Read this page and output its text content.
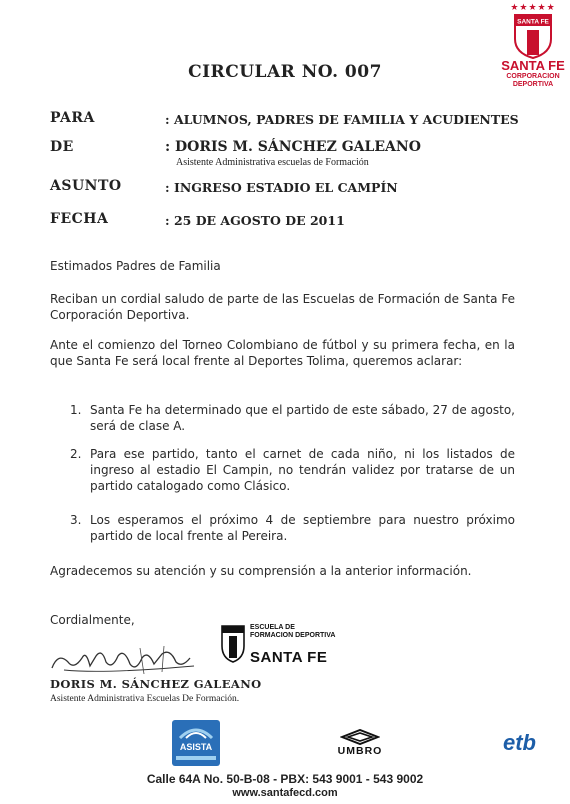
★★★★★
SANTA FE
SANTA FE
CORPORACION DEPORTIVA
CIRCULAR NO. 007
PARA	: ALUMNOS, PADRES DE FAMILIA Y ACUDIENTES
DE	: DORIS M. SÁNCHEZ GALEANO
Asistente Administrativa escuelas de Formación
ASUNTO	: INGRESO ESTADIO EL CAMPÍN
FECHA	: 25 DE AGOSTO DE 2011
Estimados Padres de Familia
Reciban un cordial saludo de parte de las Escuelas de Formación de Santa Fe Corporación Deportiva.
Ante el comienzo del Torneo Colombiano de fútbol y su primera fecha, en la que Santa Fe será local frente al Deportes Tolima, queremos aclarar:
1. Santa Fe ha determinado que el partido de este sábado, 27 de agosto, será de clase A.
2. Para ese partido, tanto el carnet de cada niño, ni los listados de ingreso al estadio El Campin, no tendrán validez por tratarse de un partido catalogado como Clásico.
3. Los esperamos el próximo 4 de septiembre para nuestro próximo partido de local frente al Pereira.
Agradecemos su atención y su comprensión a la anterior información.
Cordialmente,
ESCUELA DE
FORMACION DEPORTIVA
SANTA FE
DORIS M. SÁNCHEZ GALEANO
Asistente Administrativa Escuelas De Formación.
ASISTA	UMBRO	etb
Calle 64A No. 50-B-08 - PBX: 543 9001 - 543 9002
www.santafecd.com
